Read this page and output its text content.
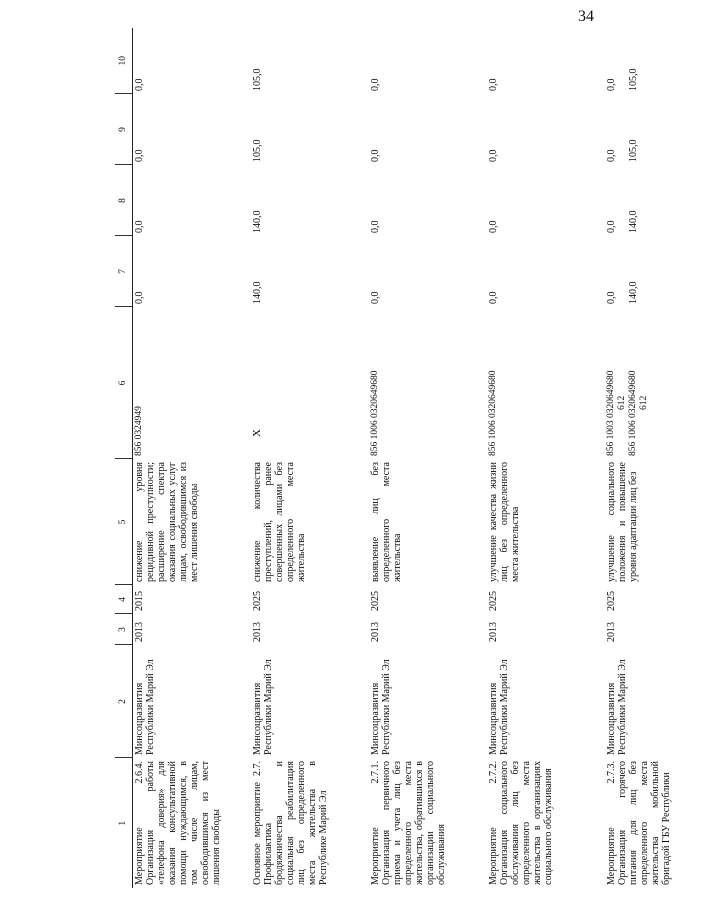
34
1	2	3	4	5	6	7	8	9	10
Мероприятие 2.6.4. Организация работы «телефона доверия» для оказания консультативной помощи нуждающимся, в том числе лицам, освободившимся из мест лишения свободы	Минсоцразвития Республики Марий Эл	2013	2015	снижение уровня рецидивной преступности; расширение спектра оказания социальных услуг лицам, освободившимся из мест лишения свободы	856 0324949	0,0	0,0	0,0	0,0
Основное мероприятие 2.7. Профилактика бродяжничества и социальная реабилитация лиц без определенного места жительства в Республике Марий Эл	Минсоцразвития Республики Марий Эл	2013	2025	снижение количества преступлений, ранее совершенных лицами без определенного места жительства	X	140,0	140,0	105,0	105,0
Мероприятие 2.7.1. Организация первичного приема и учета лиц без определенного места жительства, обратившихся в организации социального обслуживания	Минсоцразвития Республики Марий Эл	2013	2025	выявление лиц без определенного места жительства	856 1006 0320649680	0,0	0,0	0,0	0,0
Мероприятие 2.7.2. Организация социального обслуживания лиц без определенного места жительства в организациях социального обслуживания	Минсоцразвития Республики Марий Эл	2013	2025	улучшение качества жизни лиц без определенного места жительства	856 1006 0320649680	0,0	0,0	0,0	0,0
Мероприятие 2.7.3. Организация горячего питания для лиц без определенного места жительства мобильной бригадой ГБУ Республики	Минсоцразвития Республики Марий Эл	2013	2025	улучшение социального положения и повышение уровня адаптации лиц без	856 1003 0320649680 612 856 1006 0320649680 612	0,0 140,0	0,0 140,0	0,0 105,0	0,0 105,0
